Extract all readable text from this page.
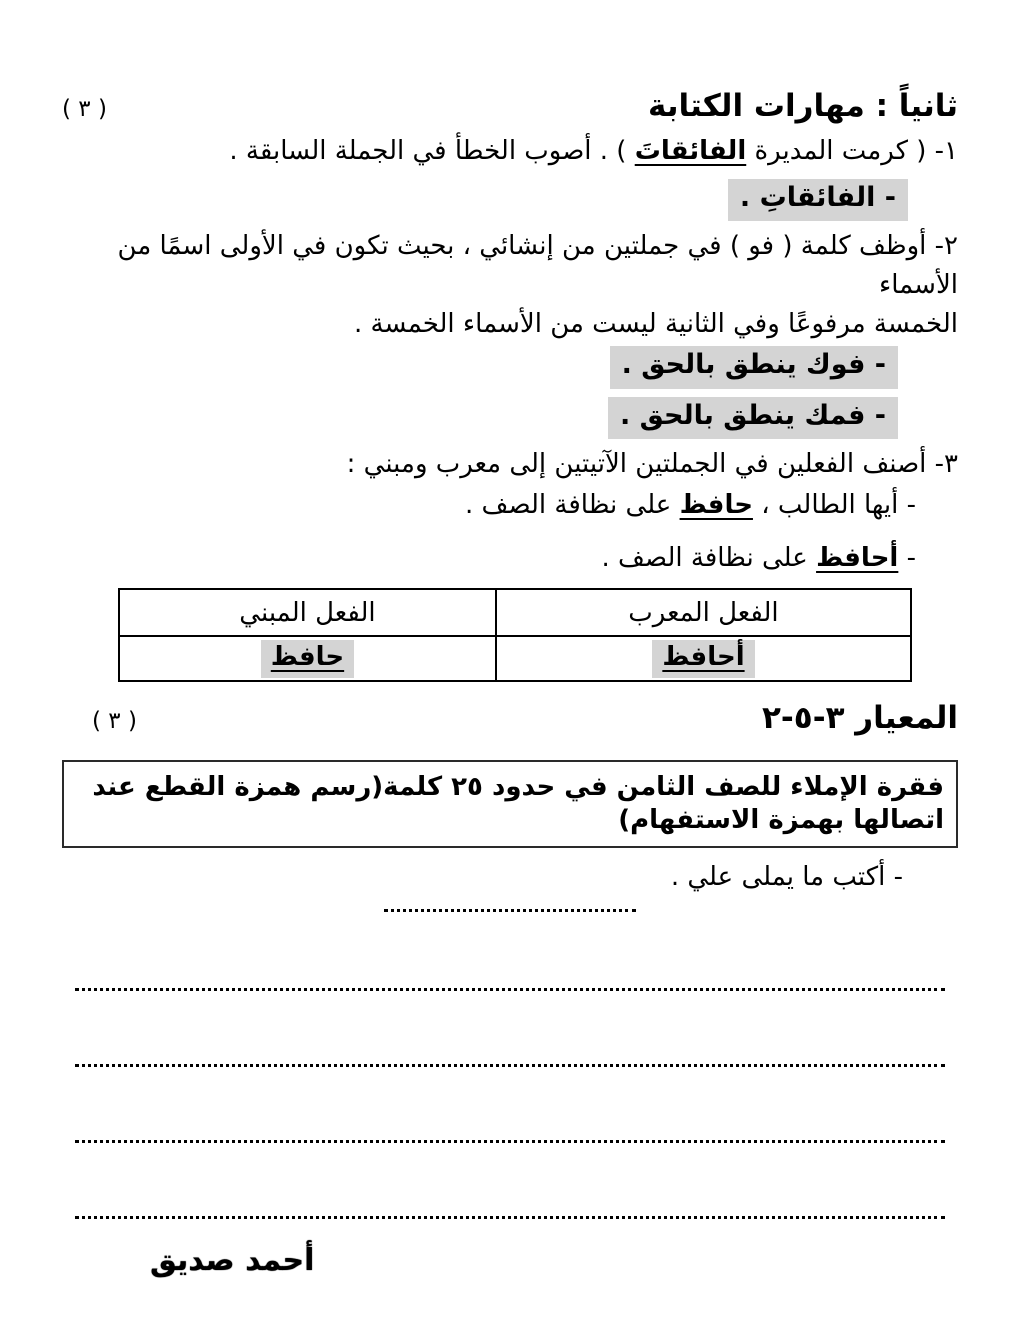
ثانياً : مهارات الكتابة
( ٣ )

١- ( كرمت المديرة الفائقاتَ ) . أصوب الخطأ في الجملة السابقة .

- الفائقاتِ .

٢- أوظف كلمة ( فو ) في جملتين من إنشائي ، بحيث تكون في الأولى اسمًا من الأسماء

الخمسة مرفوعًا وفي الثانية ليست من الأسماء الخمسة .

- فوك ينطق بالحق .
- فمك ينطق بالحق .

٣- أصنف الفعلين في الجملتين الآتيتين إلى معرب ومبني :

- أيها الطالب ، حافظ على نظافة الصف .

- أحافظ على نظافة الصف .

الفعل المعرب	الفعل المبني
أحافظ	حافظ
المعيار ٣-٥-٢
( ٣ )
فقرة الإملاء للصف الثامن في حدود ٢٥ كلمة(رسم همزة القطع عند اتصالها بهمزة الاستفهام)

- أكتب ما يملى علي .

أحمد صديق
